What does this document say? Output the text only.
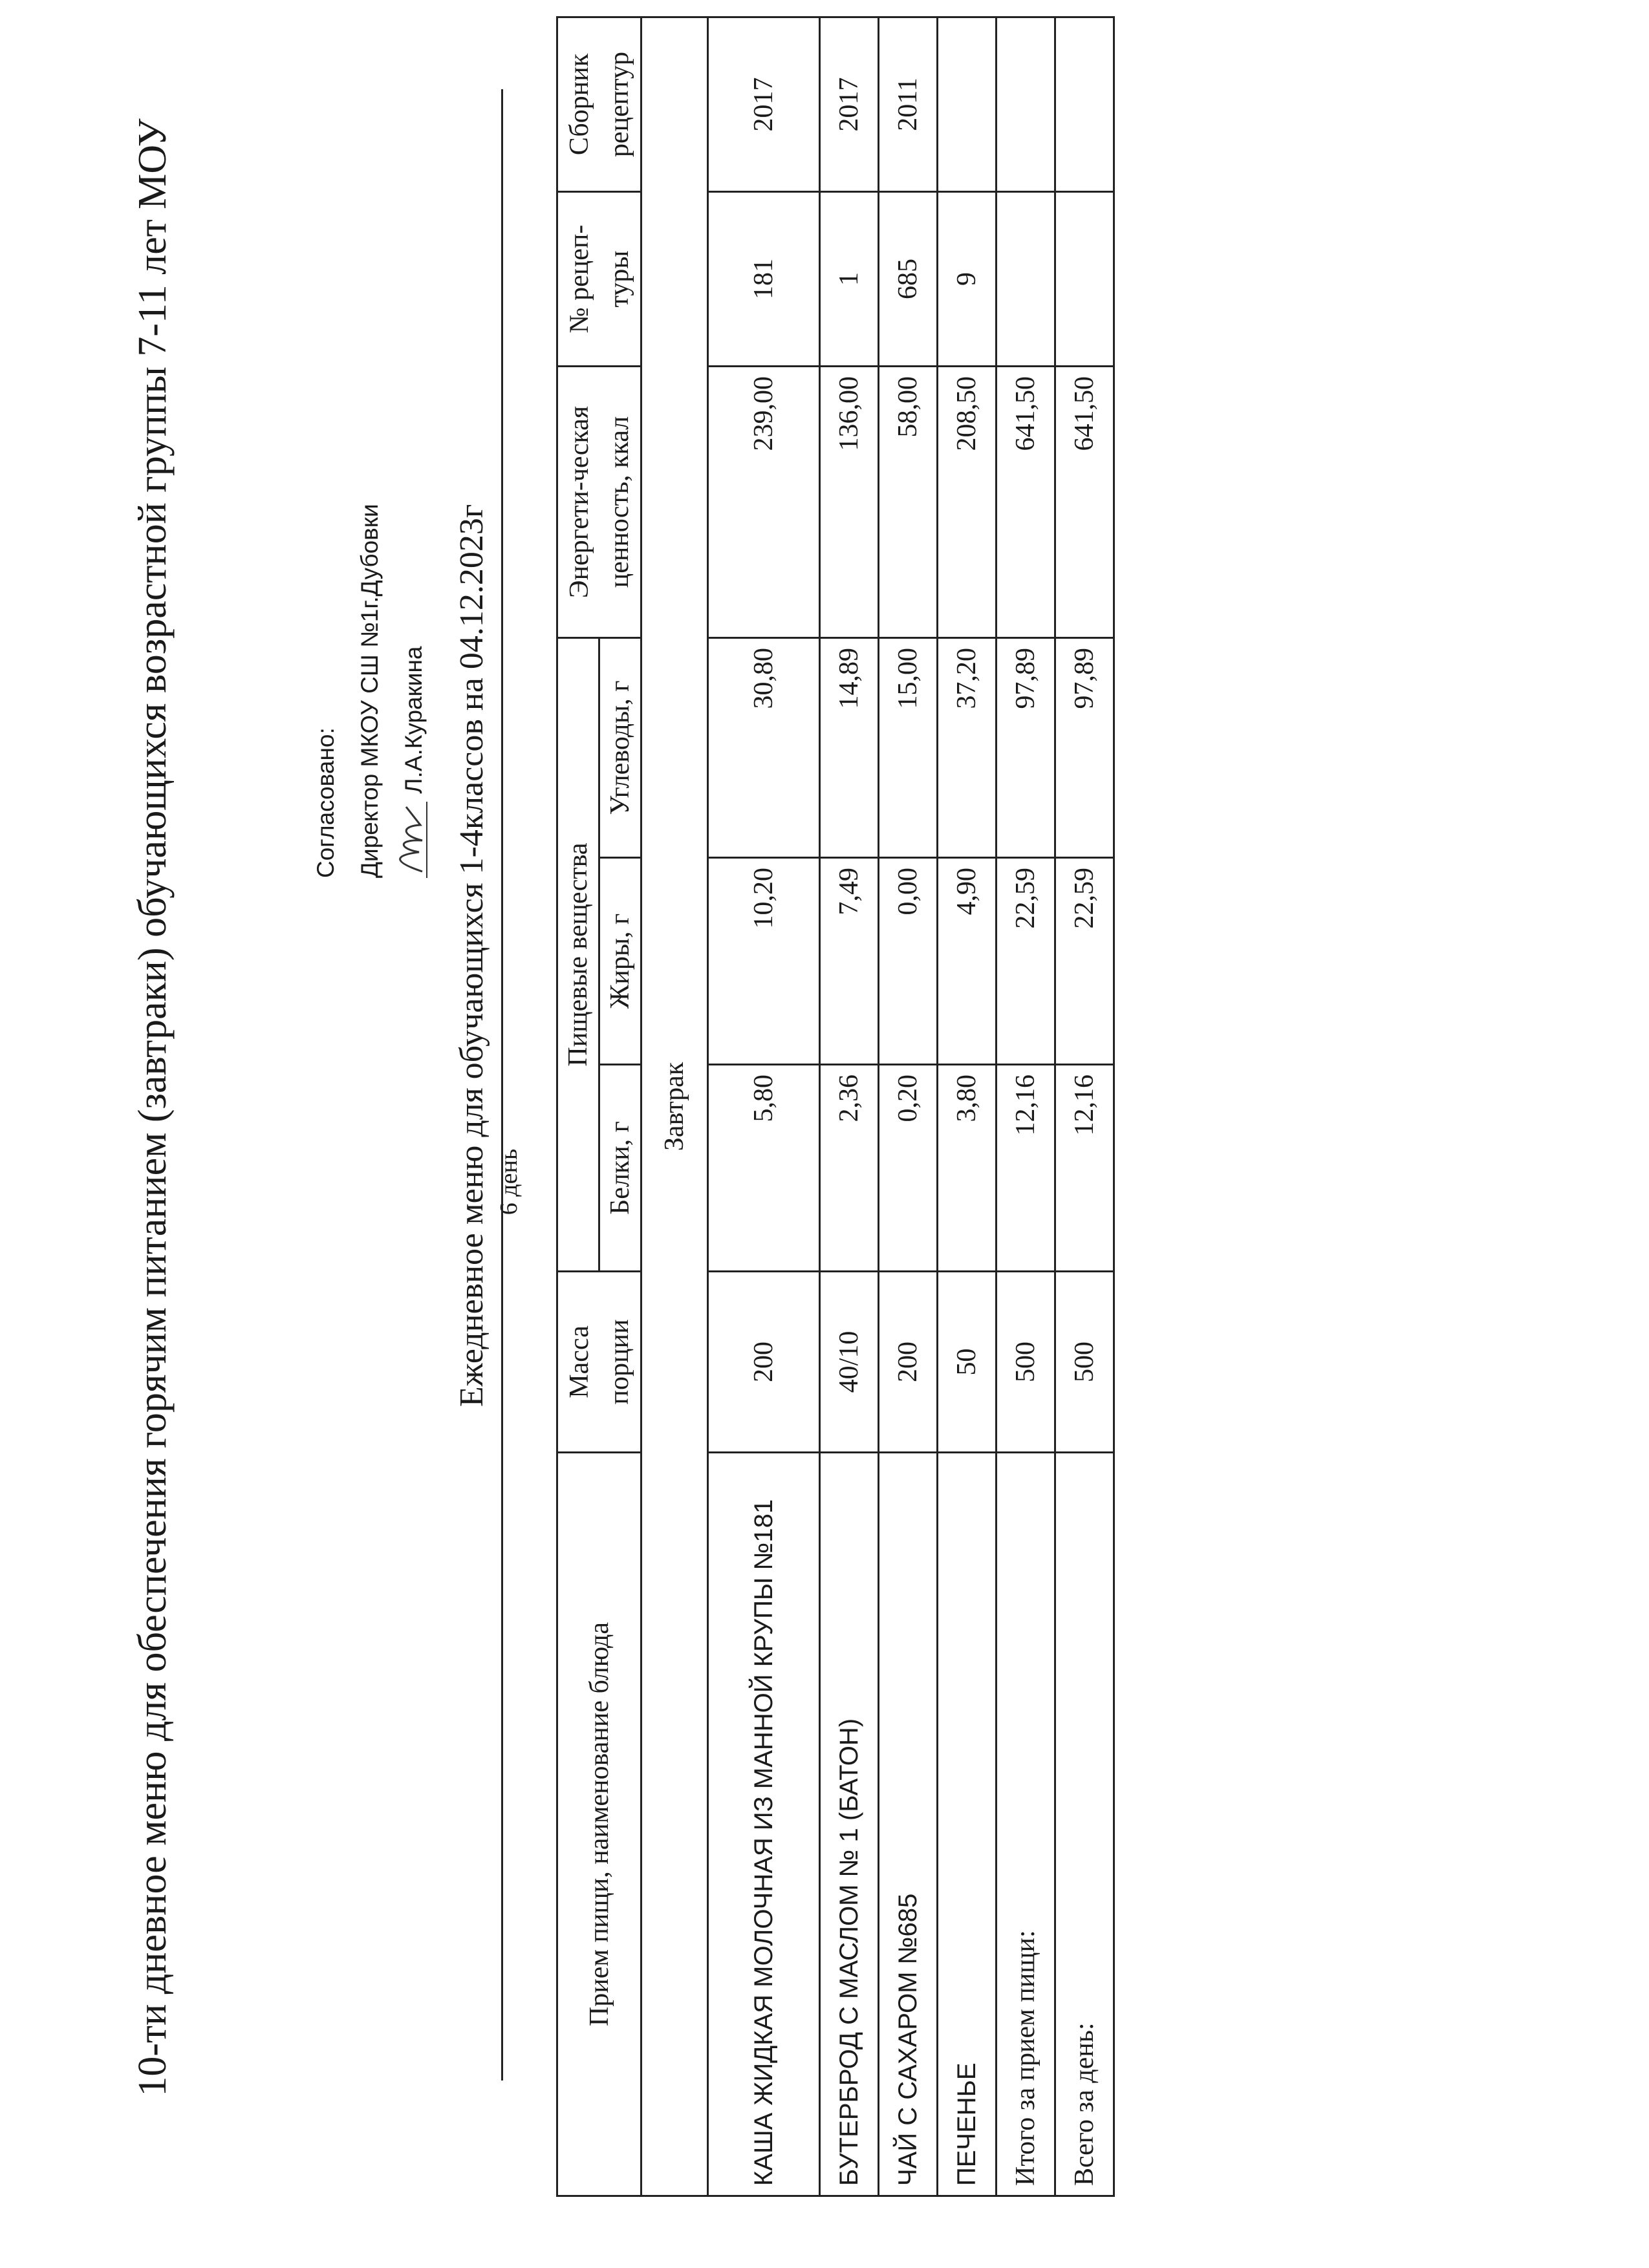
10-ти дневное меню для обеспечения горячим питанием (завтраки) обучающихся возрастной группы 7-11 лет МОУ	Согласовано: Директор МКОУ СШ №1г.Дубовки Л.А.Куракина Ежедневное меню для обучающихся 1-4классов на 04.12.2023г 6 день
Прием пищи, наименование блюда	Масса порции	Пищевые вещества			Энергети-ческая ценность, ккал	№ рецеп-туры	Сборник рецептур
		Белки, г	Жиры, г	Углеводы, г			
Завтрак							
КАША ЖИДКАЯ МОЛОЧНАЯ ИЗ МАННОЙ КРУПЫ №181	200	5,80	10,20	30,80	239,00	181	2017
БУТЕРБРОД С МАСЛОМ № 1 (БАТОН)	40/10	2,36	7,49	14,89	136,00	1	2017
ЧАЙ С САХАРОМ №685	200	0,20	0,00	15,00	58,00	685	2011
ПЕЧЕНЬЕ	50	3,80	4,90	37,20	208,50	9	
Итого за прием пищи:	500	12,16	22,59	97,89	641,50		
Всего за день:	500	12,16	22,59	97,89	641,50		
